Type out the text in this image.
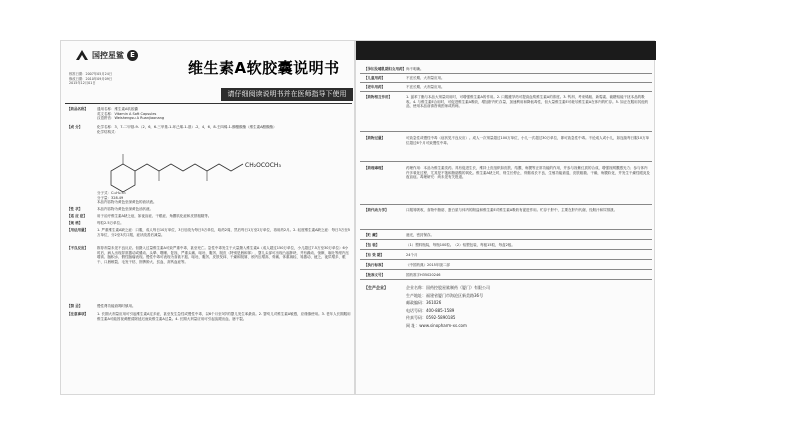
国控星鲨 E
核准日期：2007年05月24日
修改日期：2010年09月09日
2015年12月01日
维生素A软胶囊说明书
请仔细阅读说明书并在医师指导下使用
【药品名称】	通用名称：维生素A软胶囊
英文名称：Vitamin A Soft Capsules
汉语拼音：Weishengsu A Ruanjiaonang
【成 分】	化学名称：3，7-二甲基-9-（2，6，6-三甲基-1-环己烯-1-基）-2，4，6，8-壬四烯-1-醇醋酸酯（维生素A醋酸酯）
化学结构式：
CH₂OCOCH₃
分子式：C₂₂H₃₂O₂
分子量：328.49
本品内容物为黄色至深黄色的油状液。
【性 状】	本品内容物为黄色至深黄色油状液。
【适 应 症】	用于治疗维生素A缺乏症，如夜盲症、干眼症、角膜软化症和皮肤粗糙等。
【规 格】	每粒2.5万单位。
【用法用量】	1. 严重维生素A缺乏症：口服，成人每日10万单位，3日后改为每日5万单位，给药2周，然后每日1万至2万单位，再用药2月。2. 轻度维生素A缺乏症：每日3万至5万单位，分2至3次口服，症状改善后减量。
【不良反应】	推荐剂量未见不良反应。但摄入过量维生素A可致严重中毒，甚至死亡。急性中毒发生于大量摄入维生素A（成人超过150万单位，小儿超过7.5万至30万单位）6小时后，病人出现异常激动或骚动、头晕、嗜睡、复视、严重头痛、呕吐、腹泻、脱皮（特别是唇和掌），婴儿头部可出现凸起肿块，并有躁动、惊厥、呕吐等颅内压增高、脑积水、假性脑瘤表现。慢性中毒可表现为食欲不振、呕吐、腹泻、皮肤发痒、干燥和脱屑、颅内压增高、骨痛、体重减轻、易激动、疲乏、夜尿增多、眼干、口唇皲裂、毛发干枯、肝脾肿大、贫血、高钙血症等。
【禁 忌】	慢性肾功能衰竭时慎用。
【注意事项】	1. 长期大剂量应用可引起维生素A过多症，甚至发生急性或慢性中毒，以6个月至3岁的婴儿发生率最高。2. 婴幼儿对维生素A敏感，应谨慎使用。3. 老年人长期服用维生素A可能因视黄醛清除延迟而致维生素A过量。4. 长期大剂量应用可引起齿龈出血、唇干裂。
【孕妇及哺乳期妇女用药】 尚不明确。
【儿童用药】	不宜长期、大剂量应用。
【老年用药】	不宜长期、大剂量应用。
【药物相互作用】	1. 氯苯丁酯与本品大剂量同用时，可增强维生素A的作用。2. 口服避孕药可提高血浆维生素A的浓度。3. 钙剂、考来烯胺、新霉素、硫糖铝能干扰本品的吸收。4. 与维生素E合用时，可促进维生素A吸收，增加肝内贮存量，加速利用和降低毒性，但大量维生素E可耗尽维生素A在体内的贮存。5. 如正在服用其他药品，使用本品前请咨询医师或药师。
【药物过量】	可致急性或慢性中毒（症状见不良反应）。成人一次剂量超过100万单位，小儿一次超过30万单位，即可致急性中毒。不论成人或小儿，如连续每日服10万单位超过6个月可致慢性中毒。
【药理毒理】	药理作用：本品为维生素类药。具有促进生长，维持上皮组织如皮肤、结膜、角膜等正常功能的作用，并参与视紫红质的合成，增强视网膜感光力；参与体内许多氧化过程，尤其是不饱和脂肪酸的氧化。维生素A缺乏时，则生长停止，骨骼成长不良，生殖功能衰退，皮肤粗糙、干燥，角膜软化，并发生干燥性眼炎及夜盲症。毒理研究：尚未见有关报道。
【药代动力学】	口服易吸收，食物中脂肪、蛋白质与体内的胆盐和维生素E对维生素A吸收有促进作用。贮存于肝中，主要在肝内代谢，经胆汁和尿排泄。
【贮 藏】	遮光，密封保存。
【包 装】	（1）塑料瓶装，每瓶100粒。（2）铝塑包装，每板15粒，每盒2板。
【有 效 期】	24个月
【执行标准】	《中国药典》2015年版二部
【批准文号】	国药准字H35020246
【生产企业】	企业名称：国药控股星鲨制药（厦门）有限公司
生产地址：福建省厦门市海沧区新美路36号
邮政编码：361026
电话号码：400-885-1589
传真号码：0592-5890185
网 址：www.sinopharm-xs.com
